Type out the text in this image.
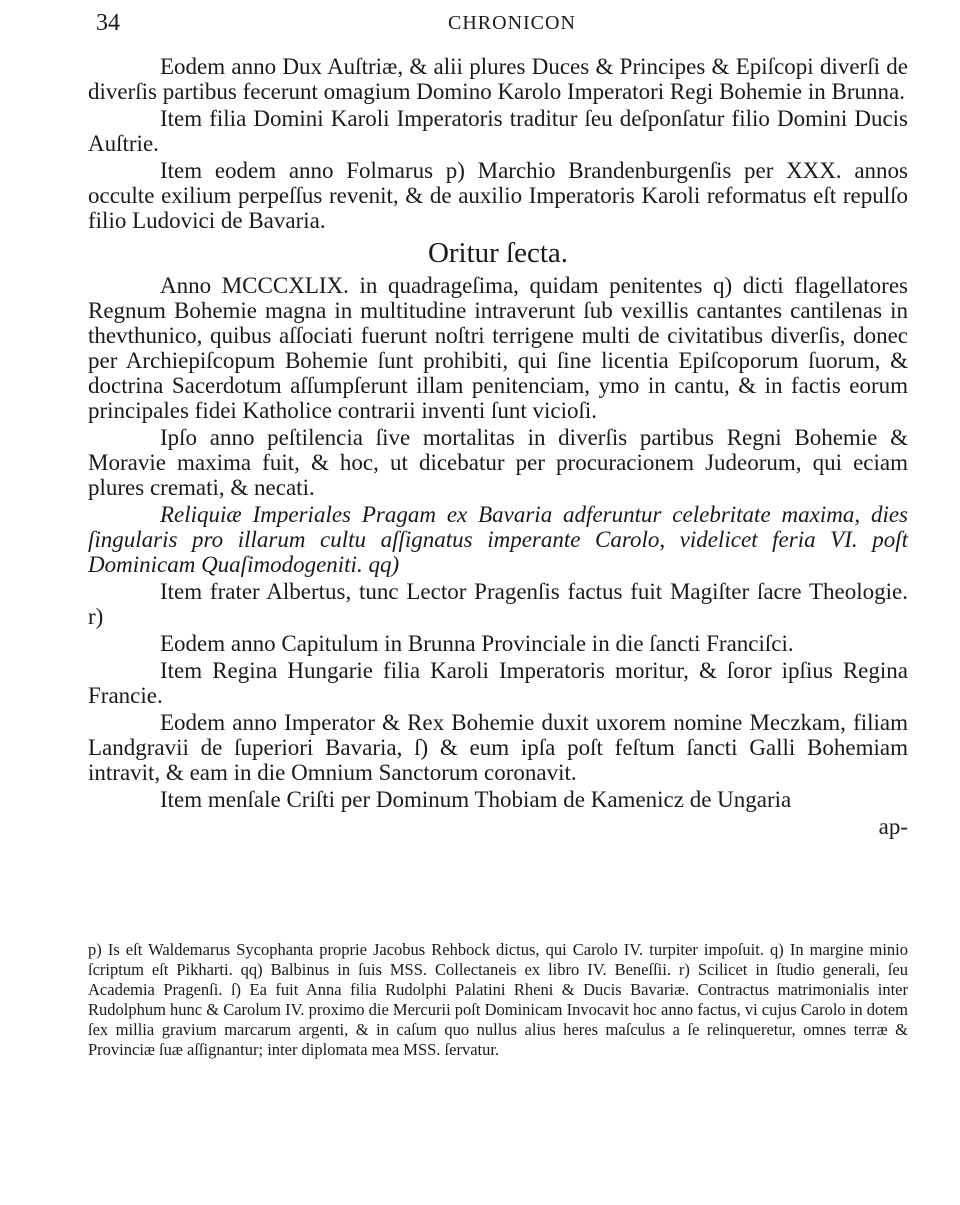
34	CHRONICON

Eodem anno Dux Auſtriæ, & alii plures Duces & Principes & Epiſcopi diverſi de diverſis partibus fecerunt omagium Domino Karolo Imperatori Regi Bohemie in Brunna.

Item filia Domini Karoli Imperatoris traditur ſeu deſponſatur filio Domini Ducis Auſtrie.

Item eodem anno Folmarus p) Marchio Brandenburgenſis per XXX. annos occulte exilium perpeſſus revenit, & de auxilio Imperatoris Karoli reformatus eſt repulſo filio Ludovici de Bavaria.

Oritur ſecta.

Anno MCCCXLIX. in quadrageſima, quidam penitentes q) dicti flagellatores Regnum Bohemie magna in multitudine intraverunt ſub vexillis cantantes cantilenas in thevthunico, quibus aſſociati fuerunt noſtri terrigene multi de civitatibus diverſis, donec per Archiepiſcopum Bohemie ſunt prohibiti, qui ſine licentia Epiſcoporum ſuorum, & doctrina Sacerdotum aſſumpſerunt illam penitenciam, ymo in cantu, & in factis eorum principales fidei Katholice contrarii inventi ſunt vicioſi.

Ipſo anno peſtilencia ſive mortalitas in diverſis partibus Regni Bohemie & Moravie maxima fuit, & hoc, ut dicebatur per procuracionem Judeorum, qui eciam plures cremati, & necati.

Reliquiæ Imperiales Pragam ex Bavaria adferuntur celebritate maxima, dies ſingularis pro illarum cultu aſſignatus imperante Carolo, videlicet feria VI. poſt Dominicam Quaſimodogeniti. qq)

Item frater Albertus, tunc Lector Pragenſis factus fuit Magiſter ſacre Theologie. r)

Eodem anno Capitulum in Brunna Provinciale in die ſancti Franciſci.

Item Regina Hungarie filia Karoli Imperatoris moritur, & ſoror ipſius Regina Francie.

Eodem anno Imperator & Rex Bohemie duxit uxorem nomine Meczkam, filiam Landgravii de ſuperiori Bavaria, ſ) & eum ipſa poſt feſtum ſancti Galli Bohemiam intravit, & eam in die Omnium Sanctorum coronavit.

Item menſale Criſti per Dominum Thobiam de Kamenicz de Ungaria

ap-

p) Is eſt Waldemarus Sycophanta proprie Jacobus Rehbock dictus, qui Carolo IV. turpiter impoſuit. q) In margine minio ſcriptum eſt Pikharti. qq) Balbinus in ſuis MSS. Collectaneis ex libro IV. Beneſſii. r) Scilicet in ſtudio generali, ſeu Academia Pragenſi. ſ) Ea fuit Anna filia Rudolphi Palatini Rheni & Ducis Bavariæ. Contractus matrimonialis inter Rudolphum hunc & Carolum IV. proximo die Mercurii poſt Dominicam Invocavit hoc anno factus, vi cujus Carolo in dotem ſex millia gravium marcarum argenti, & in caſum quo nullus alius heres maſculus a ſe relinqueretur, omnes terræ & Provinciæ ſuæ aſſignantur; inter diplomata mea MSS. ſervatur.
